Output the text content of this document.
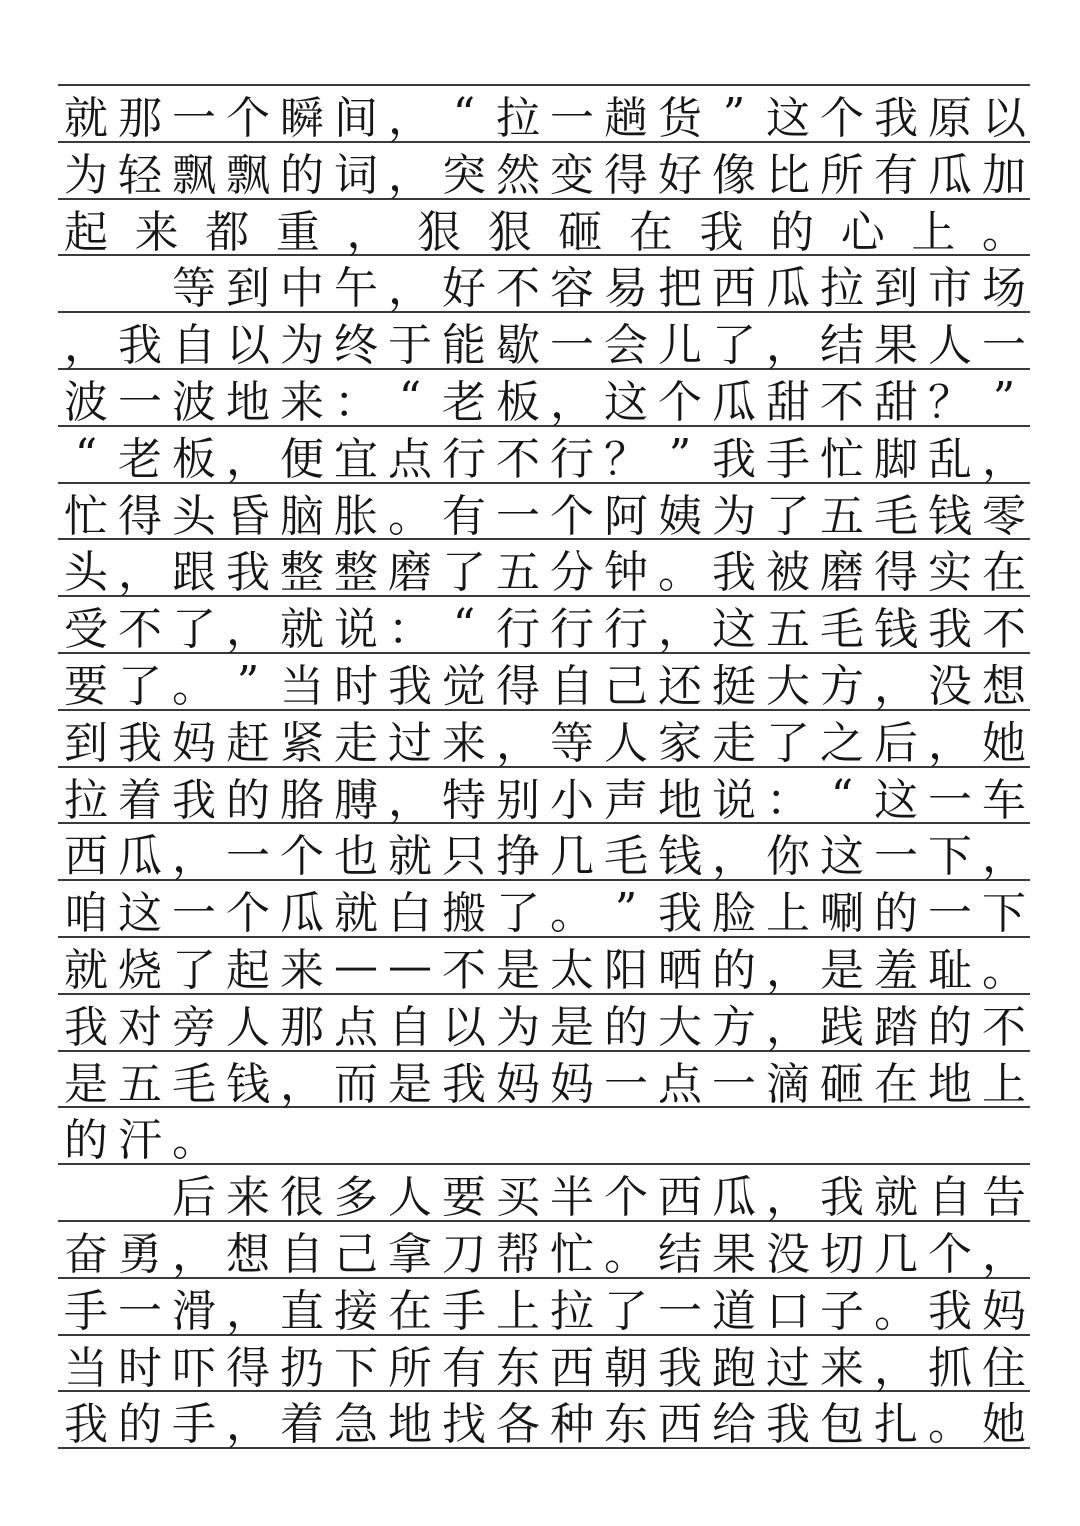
就 那 一 个 瞬 间 ， “ 拉 一 趟 货 ” 这 个 我 原 以
为 轻 飘 飘 的 词 ， 突 然 变 得 好 像 比 所 有 瓜 加
起 来 都 重 ， 狠 狠 砸 在 我 的 心 上 。

等 到 中 午 ， 好 不 容 易 把 西 瓜 拉 到 市 场
， 我 自 以 为 终 于 能 歇 一 会 儿 了 ， 结 果 人 一
波 一 波 地 来 ： “ 老 板 ， 这 个 瓜 甜 不 甜 ？ ”
“ 老 板 ， 便 宜 点 行 不 行 ？ ” 我 手 忙 脚 乱 ，
忙 得 头 昏 脑 胀 。 有 一 个 阿 姨 为 了 五 毛 钱 零
头 ， 跟 我 整 整 磨 了 五 分 钟 。 我 被 磨 得 实 在
受 不 了 ， 就 说 ： “ 行 行 行 ， 这 五 毛 钱 我 不
要 了 。 ” 当 时 我 觉 得 自 己 还 挺 大 方 ， 没 想
到 我 妈 赶 紧 走 过 来 ， 等 人 家 走 了 之 后 ， 她
拉 着 我 的 胳 膊 ， 特 别 小 声 地 说 ： “ 这 一 车
西 瓜 ， 一 个 也 就 只 挣 几 毛 钱 ， 你 这 一 下 ，
咱 这 一 个 瓜 就 白 搬 了 。 ” 我 脸 上 唰 的 一 下
就 烧 了 起 来 — — 不 是 太 阳 晒 的 ， 是 羞 耻 。
我 对 旁 人 那 点 自 以 为 是 的 大 方 ， 践 踏 的 不
是 五 毛 钱 ， 而 是 我 妈 妈 一 点 一 滴 砸 在 地 上
的 汗 。

后 来 很 多 人 要 买 半 个 西 瓜 ， 我 就 自 告
奋 勇 ， 想 自 己 拿 刀 帮 忙 。 结 果 没 切 几 个 ，
手 一 滑 ， 直 接 在 手 上 拉 了 一 道 口 子 。 我 妈
当 时 吓 得 扔 下 所 有 东 西 朝 我 跑 过 来 ， 抓 住
我 的 手 ， 着 急 地 找 各 种 东 西 给 我 包 扎 。 她
